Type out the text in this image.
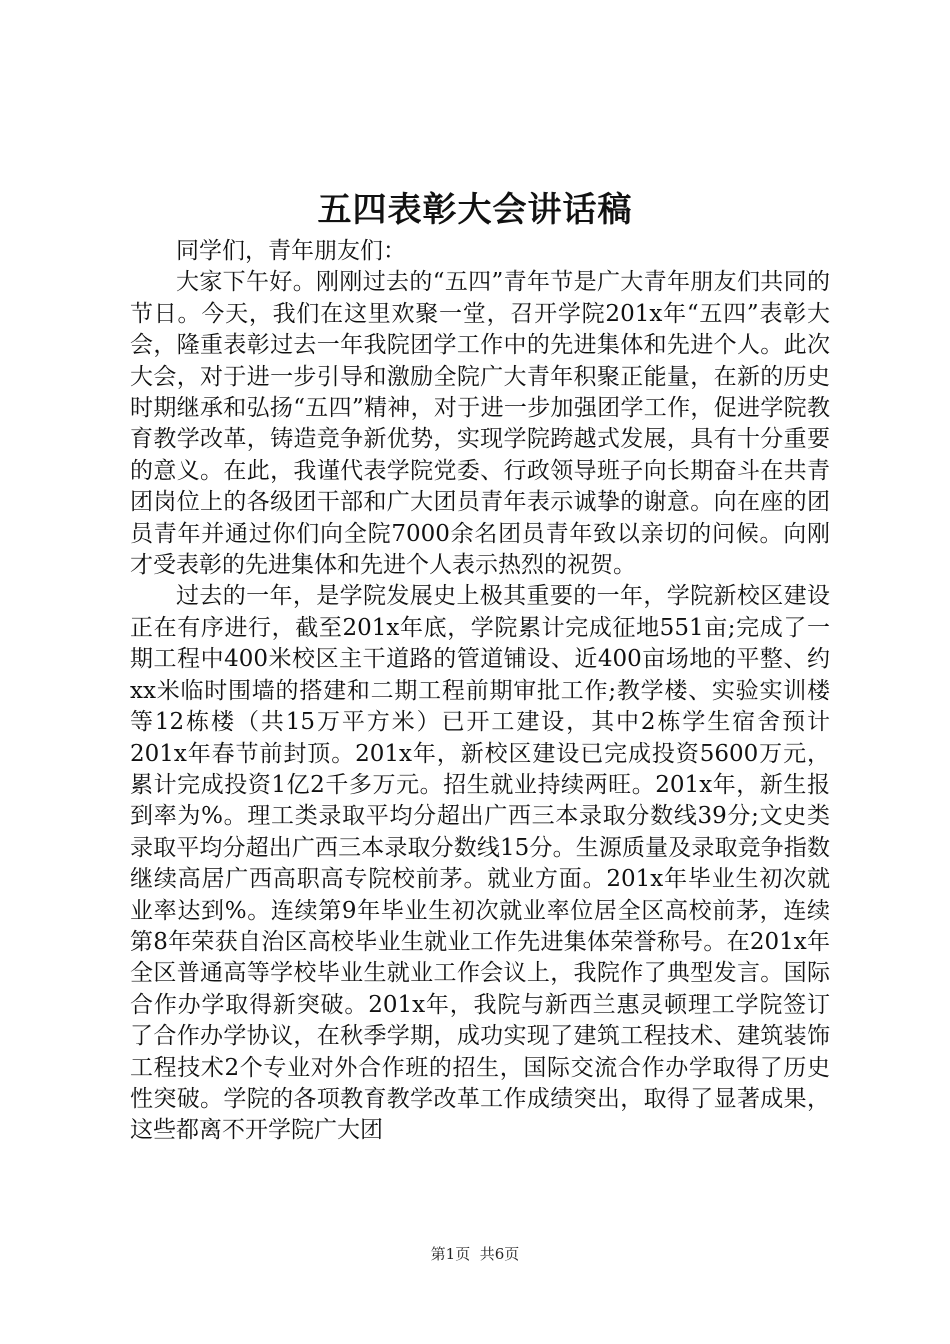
五四表彰大会讲话稿

同学们，青年朋友们：

大家下午好。刚刚过去的“五四”青年节是广大青年朋友们共同的节日。今天，我们在这里欢聚一堂，召开学院201x年“五四”表彰大会，隆重表彰过去一年我院团学工作中的先进集体和先进个人。此次大会，对于进一步引导和激励全院广大青年积聚正能量，在新的历史时期继承和弘扬“五四”精神，对于进一步加强团学工作，促进学院教育教学改革，铸造竞争新优势，实现学院跨越式发展，具有十分重要的意义。在此，我谨代表学院党委、行政领导班子向长期奋斗在共青团岗位上的各级团干部和广大团员青年表示诚挚的谢意。向在座的团员青年并通过你们向全院7000余名团员青年致以亲切的问候。向刚才受表彰的先进集体和先进个人表示热烈的祝贺。

过去的一年，是学院发展史上极其重要的一年，学院新校区建设正在有序进行，截至201x年底，学院累计完成征地551亩;完成了一期工程中400米校区主干道路的管道铺设、近400亩场地的平整、约xx米临时围墙的搭建和二期工程前期审批工作;教学楼、实验实训楼等12栋楼（共15万平方米）已开工建设，其中2栋学生宿舍预计201x年春节前封顶。201x年，新校区建设已完成投资5600万元，累计完成投资1亿2千多万元。招生就业持续两旺。201x年，新生报到率为%。理工类录取平均分超出广西三本录取分数线39分;文史类录取平均分超出广西三本录取分数线15分。生源质量及录取竞争指数继续高居广西高职高专院校前茅。就业方面。201x年毕业生初次就业率达到%。连续第9年毕业生初次就业率位居全区高校前茅，连续第8年荣获自治区高校毕业生就业工作先进集体荣誉称号。在201x年全区普通高等学校毕业生就业工作会议上，我院作了典型发言。国际合作办学取得新突破。201x年，我院与新西兰惠灵顿理工学院签订了合作办学协议，在秋季学期，成功实现了建筑工程技术、建筑装饰工程技术2个专业对外合作班的招生，国际交流合作办学取得了历史性突破。学院的各项教育教学改革工作成绩突出，取得了显著成果，这些都离不开学院广大团

第1页 共6页
